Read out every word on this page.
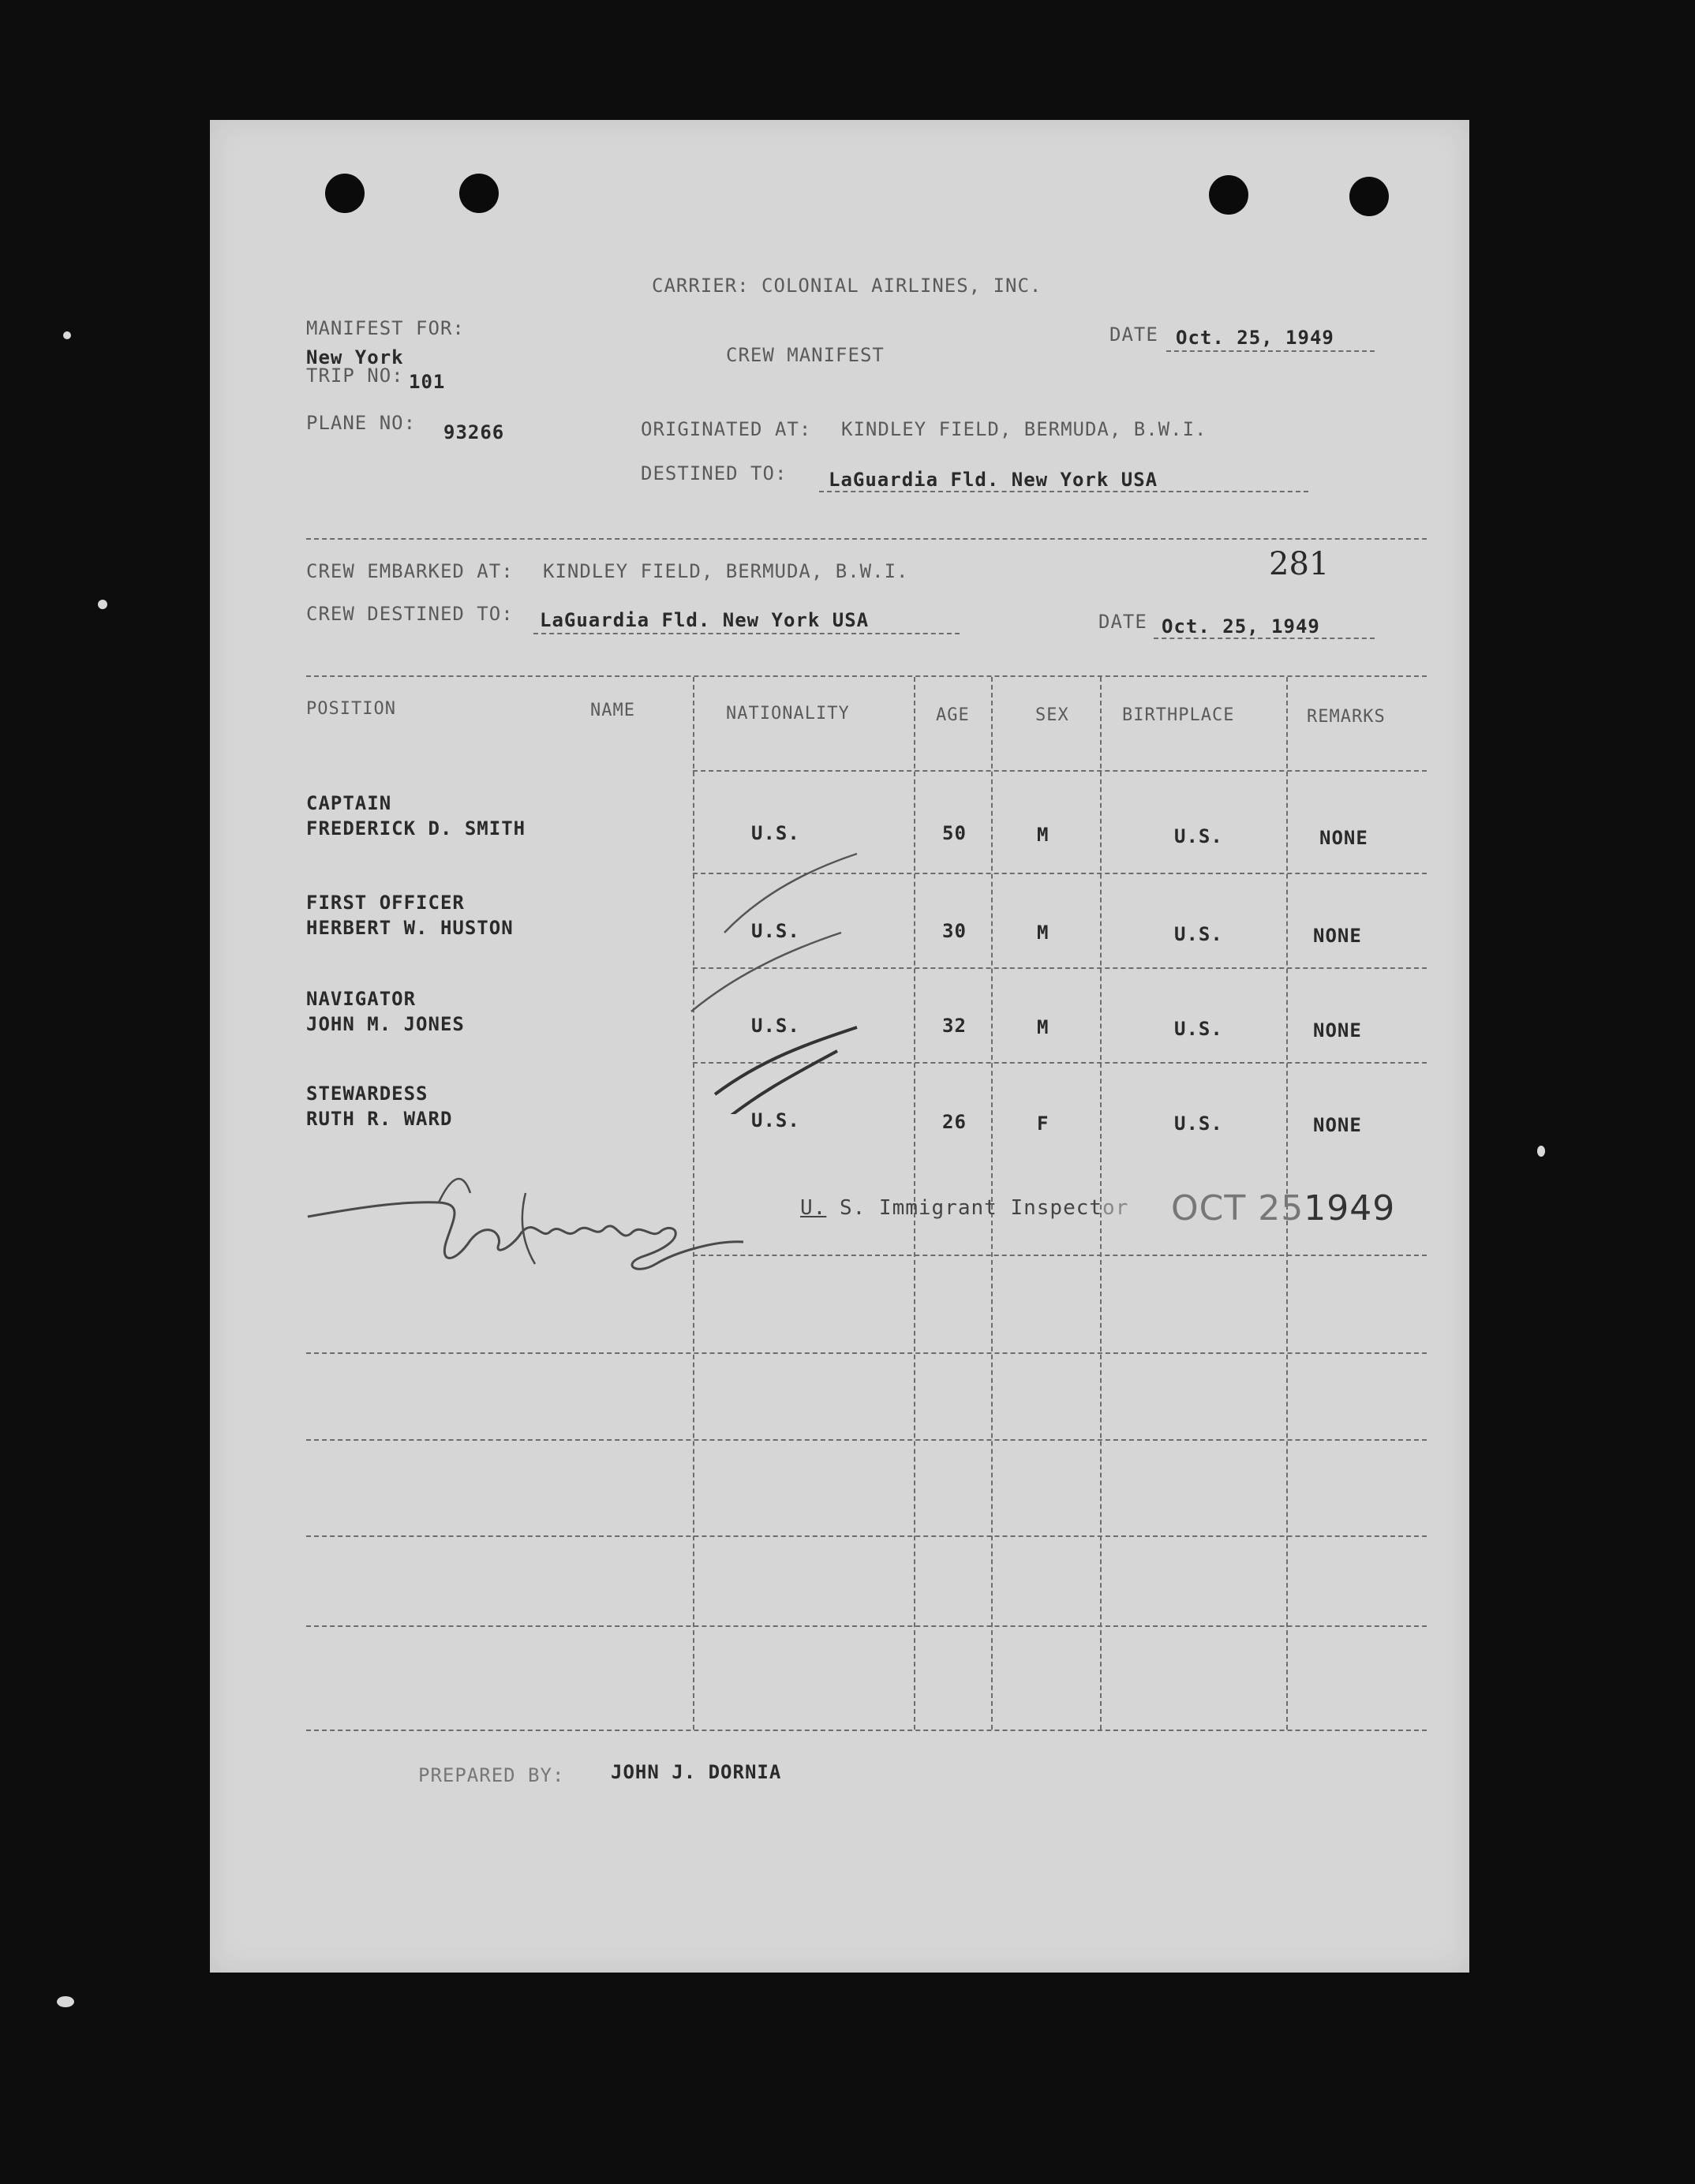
CARRIER: COLONIAL AIRLINES, INC.
MANIFEST FOR:
New York
TRIP NO: 101
CREW MANIFEST
DATE Oct. 25, 1949
PLANE NO: 93266	ORIGINATED AT: KINDLEY FIELD, BERMUDA, B.W.I.
DESTINED TO: LaGuardia Fld. New York USA
CREW EMBARKED AT: KINDLEY FIELD, BERMUDA, B.W.I.	281
CREW DESTINED TO: LaGuardia Fld. New York USA	DATE Oct. 25, 1949
POSITION	NAME	NATIONALITY	AGE	SEX	BIRTHPLACE	REMARKS
CAPTAIN
FREDERICK D. SMITH	U.S.	50	M	U.S.	NONE
FIRST OFFICER
HERBERT W. HUSTON	U.S.	30	M	U.S.	NONE
NAVIGATOR
JOHN M. JONES	U.S.	32	M	U.S.	NONE
STEWARDESS
RUTH R. WARD	U.S.	26	F	U.S.	NONE
U. S. Immigrant Inspector OCT 251949
PREPARED BY: JOHN J. DORNIA
